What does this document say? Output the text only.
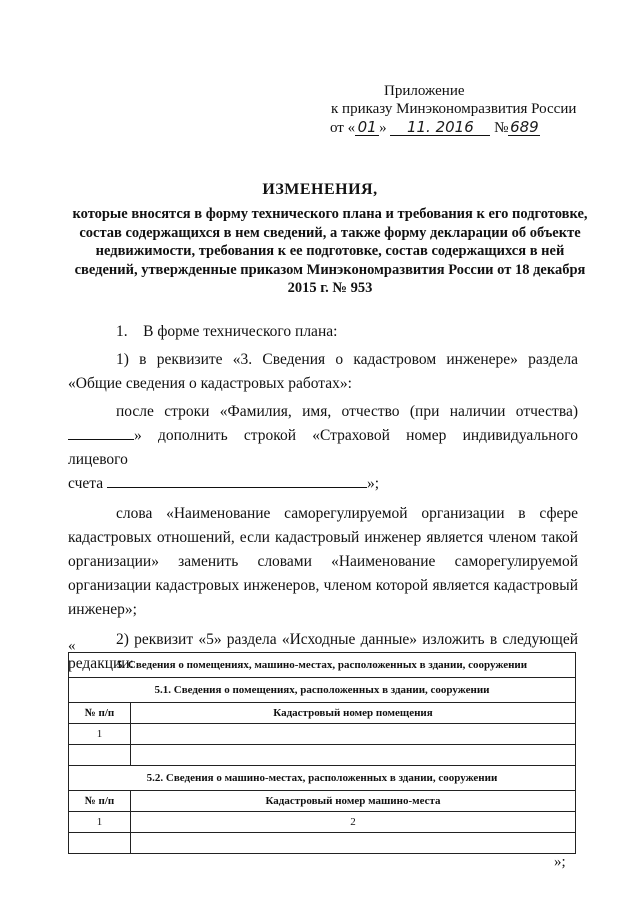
Приложение
к приказу Минэкономразвития России
от « 01 » 11. 2016 № 689
ИЗМЕНЕНИЯ,
которые вносятся в форму технического плана и требования к его подготовке, состав содержащихся в нем сведений, а также форму декларации об объекте недвижимости, требования к ее подготовке, состав содержащихся в ней сведений, утвержденные приказом Минэкономразвития России от 18 декабря 2015 г. № 953
1. В форме технического плана:
1) в реквизите «3. Сведения о кадастровом инженере» раздела «Общие сведения о кадастровых работах»:
после строки «Фамилия, имя, отчество (при наличии отчества)
» дополнить строкой «Страховой номер индивидуального лицевого
счета	»;
слова «Наименование саморегулируемой организации в сфере кадастровых отношений, если кадастровый инженер является членом такой организации» заменить словами «Наименование саморегулируемой организации кадастровых инженеров, членом которой является кадастровый инженер»;
2) реквизит «5» раздела «Исходные данные» изложить в следующей редакции:
«
5. Сведения о помещениях, машино-местах, расположенных в здании, сооружении	
5.1. Сведения о помещениях, расположенных в здании, сооружении	
№ п/п	Кадастровый номер помещения
1	

5.2. Сведения о машино-местах, расположенных в здании, сооружении	
№ п/п	Кадастровый номер машино-места
1	2

»;
